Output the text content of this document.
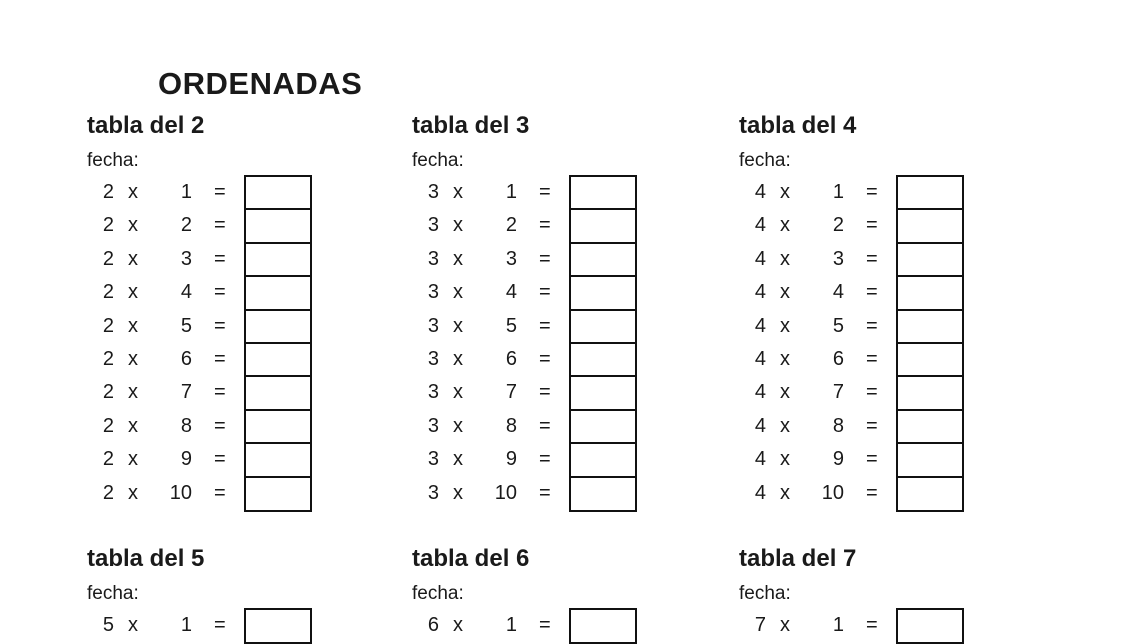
ORDENADAS
tabla del 2
fecha:
2 x	1 =
2 x	2 =
2 x	3 =
2 x	4 =
2 x	5 =
2 x	6 =
2 x	7 =
2 x	8 =
2 x	9 =
2 x	10 =
tabla del 3
fecha:
3 x	1 =
3 x	2 =
3 x	3 =
3 x	4 =
3 x	5 =
3 x	6 =
3 x	7 =
3 x	8 =
3 x	9 =
3 x	10 =
tabla del 4
fecha:
4 x	1 =
4 x	2 =
4 x	3 =
4 x	4 =
4 x	5 =
4 x	6 =
4 x	7 =
4 x	8 =
4 x	9 =
4 x	10 =
tabla del 5
fecha:
5 x	1 =
tabla del 6
fecha:
6 x	1 =
tabla del 7
fecha:
7 x	1 =
